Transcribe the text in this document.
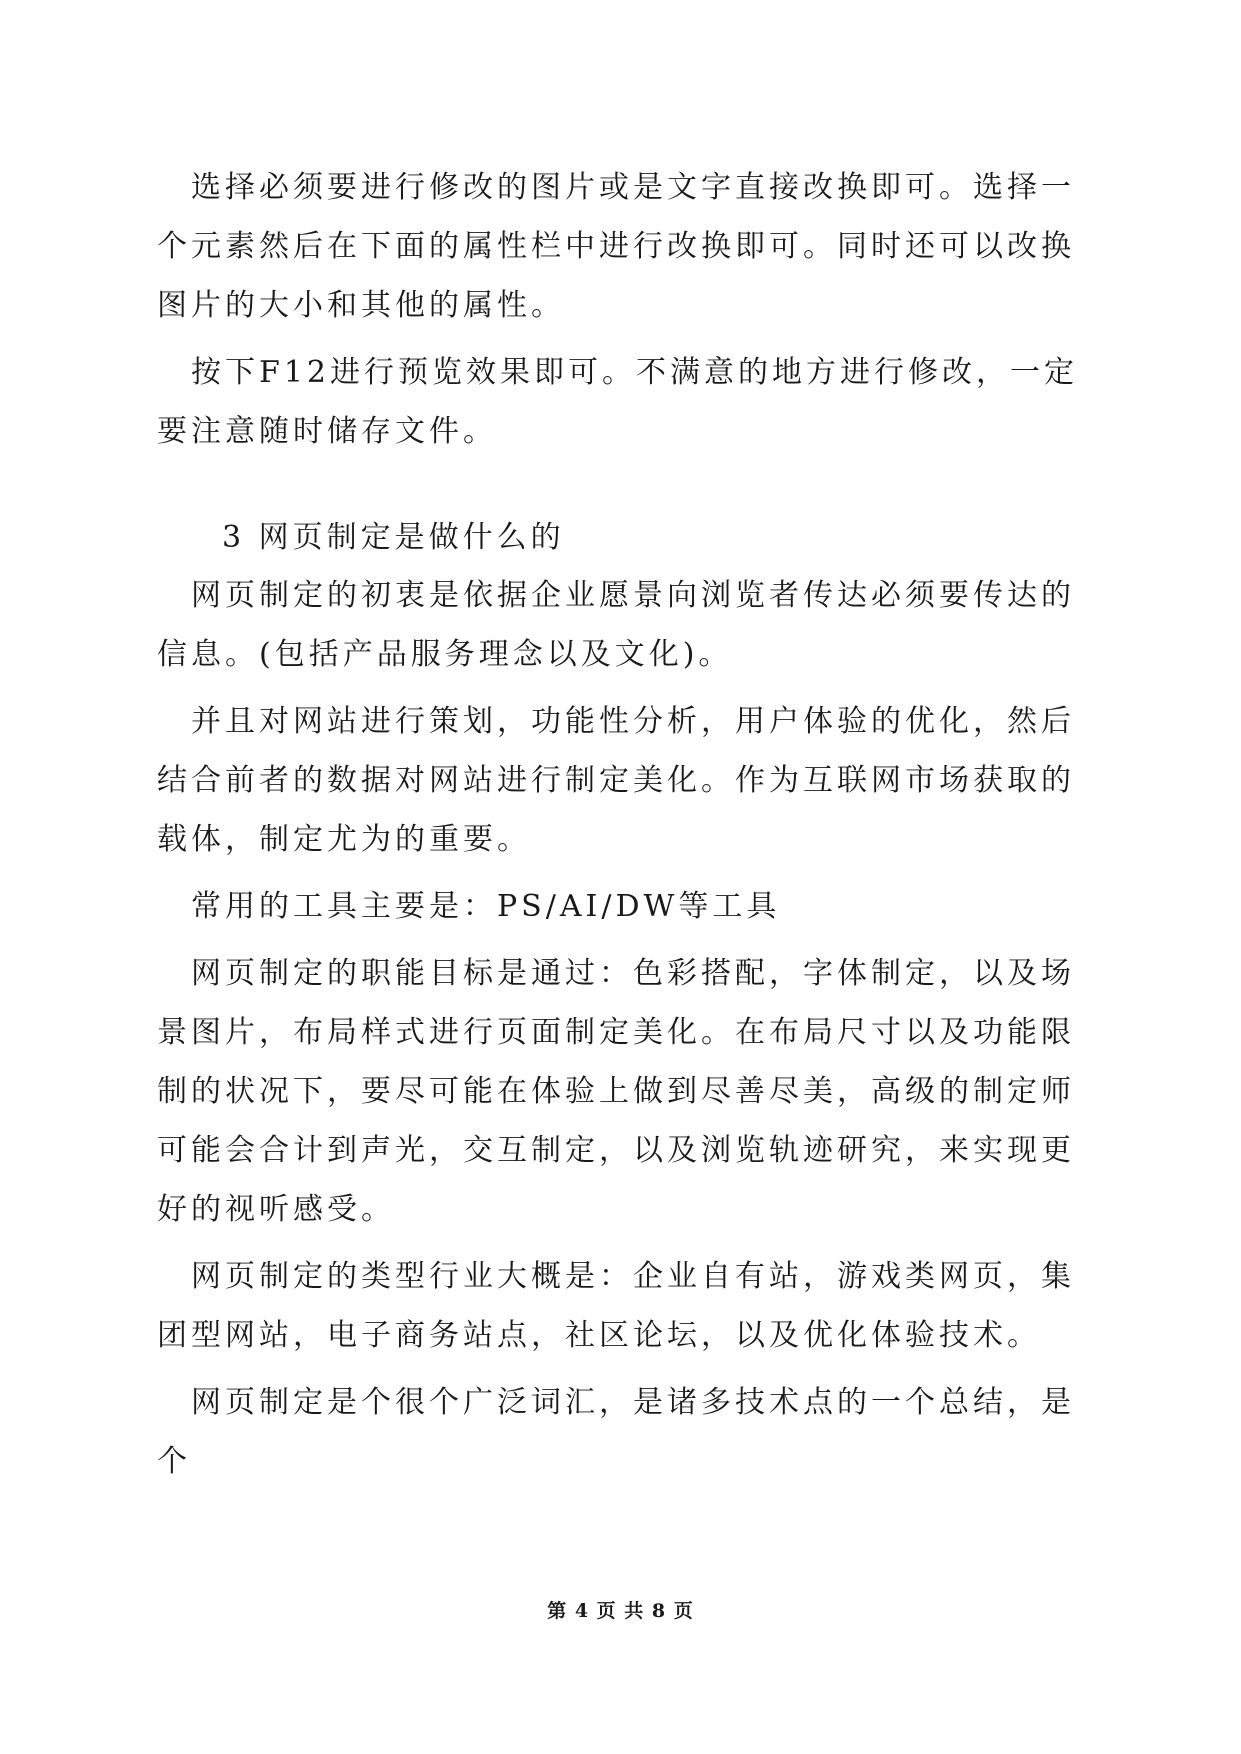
选择必须要进行修改的图片或是文字直接改换即可。选择一个元素然后在下面的属性栏中进行改换即可。同时还可以改换图片的大小和其他的属性。

按下F12进行预览效果即可。不满意的地方进行修改，一定要注意随时储存文件。

3 网页制定是做什么的

网页制定的初衷是依据企业愿景向浏览者传达必须要传达的信息。(包括产品服务理念以及文化)。

并且对网站进行策划，功能性分析，用户体验的优化，然后结合前者的数据对网站进行制定美化。作为互联网市场获取的载体，制定尤为的重要。

常用的工具主要是：PS/AI/DW等工具

网页制定的职能目标是通过：色彩搭配，字体制定，以及场景图片，布局样式进行页面制定美化。在布局尺寸以及功能限制的状况下，要尽可能在体验上做到尽善尽美，高级的制定师可能会合计到声光，交互制定，以及浏览轨迹研究，来实现更好的视听感受。

网页制定的类型行业大概是：企业自有站，游戏类网页，集团型网站，电子商务站点，社区论坛，以及优化体验技术。

网页制定是个很个广泛词汇，是诸多技术点的一个总结，是个

第 4 页 共 8 页
